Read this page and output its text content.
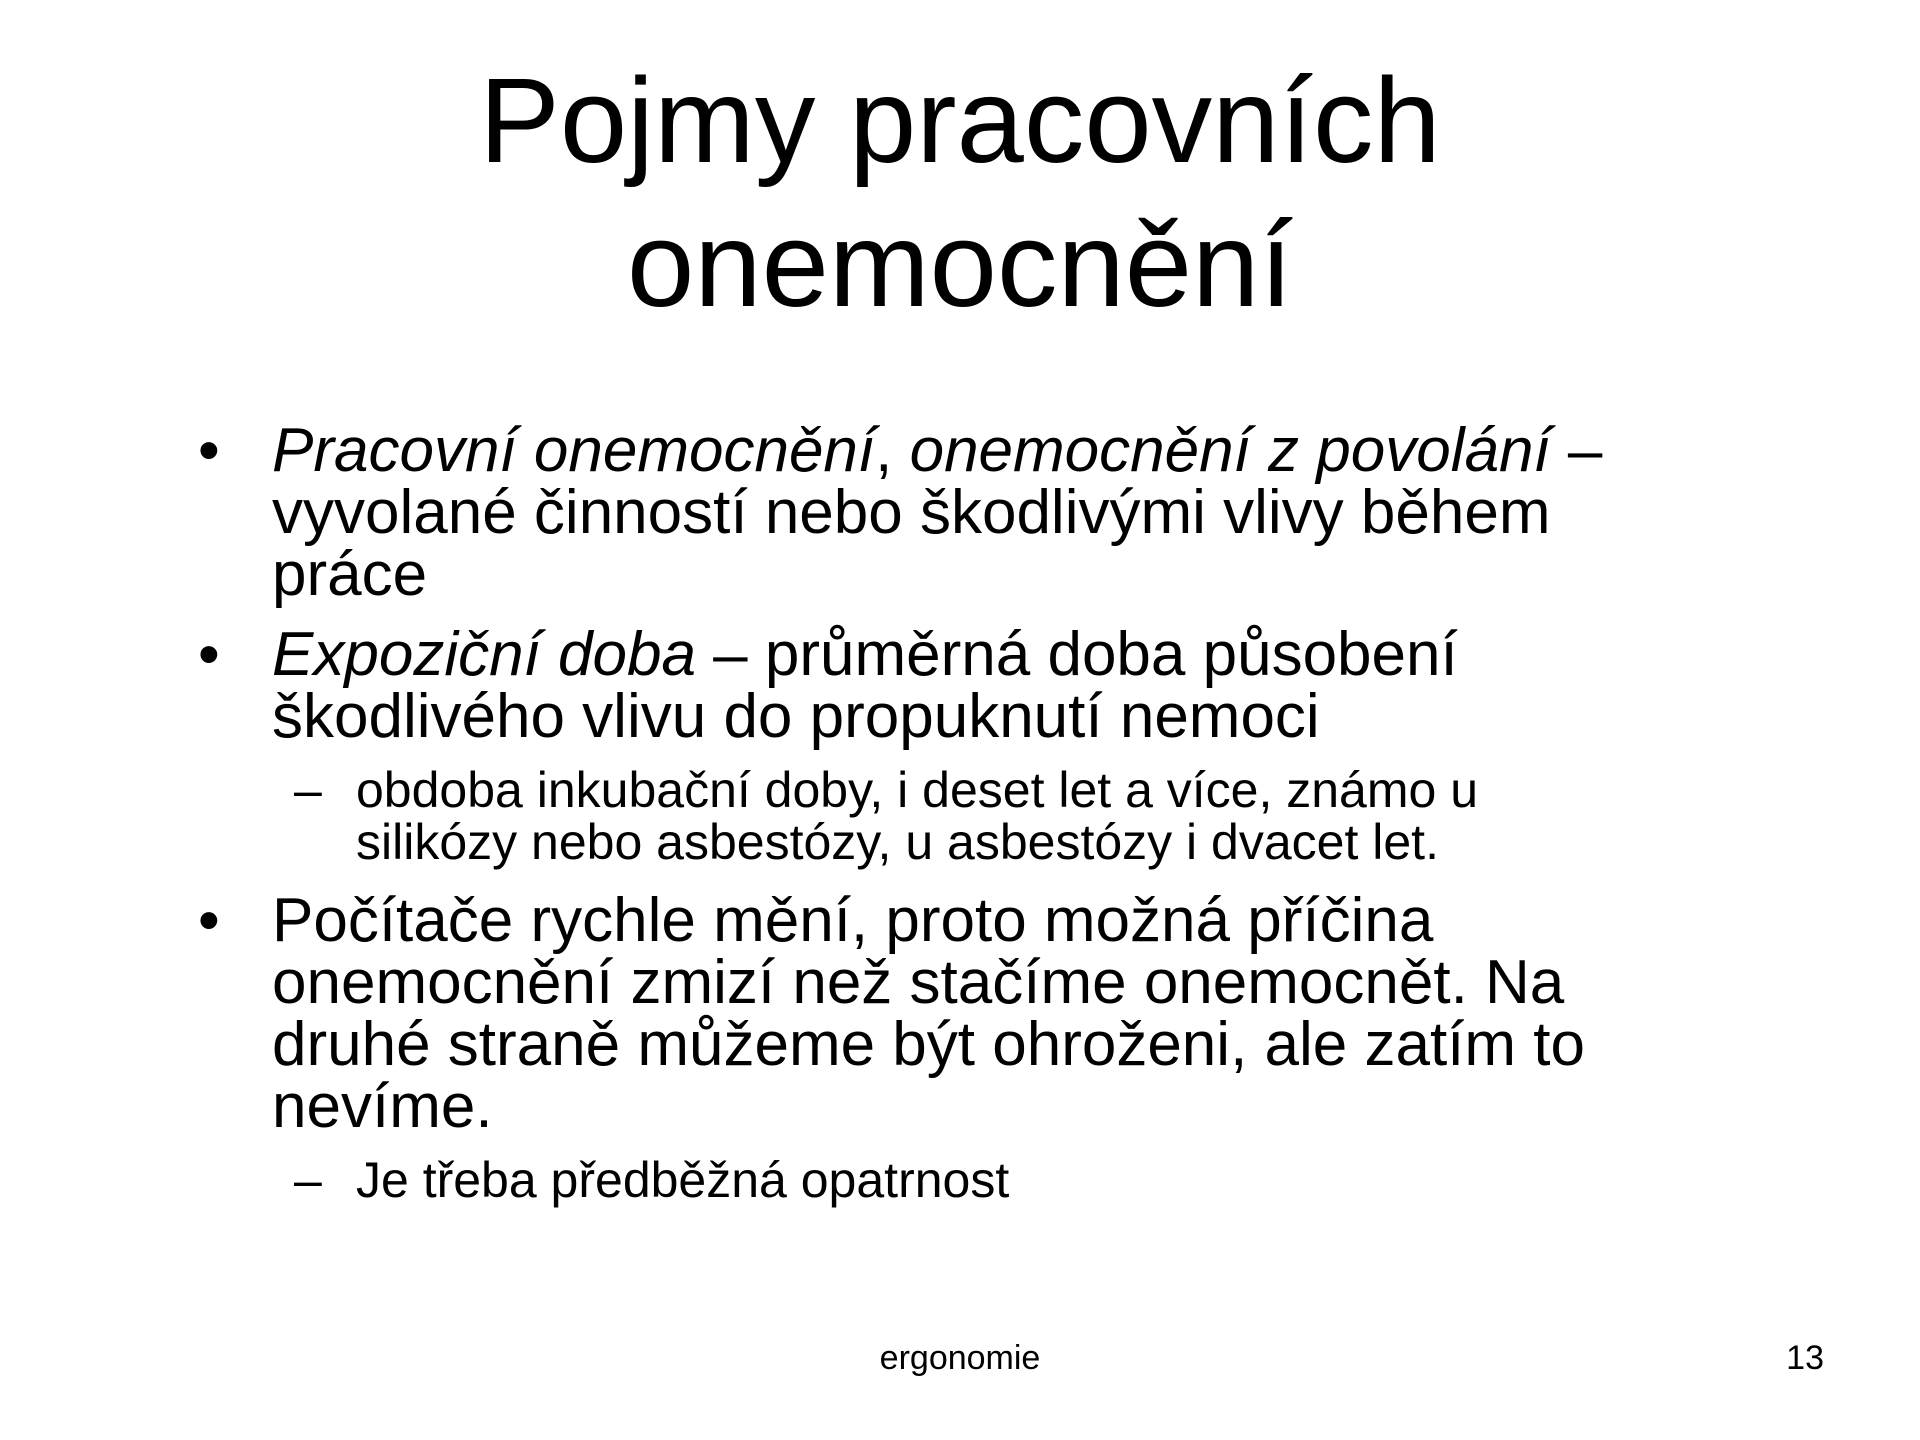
Pojmy pracovních
onemocnění
• Pracovní onemocnění, onemocnění z povolání –
vyvolané činností nebo škodlivými vlivy během
práce
• Expoziční doba – průměrná doba působení
škodlivého vlivu do propuknutí nemoci
– obdoba inkubační doby, i deset let a více, známo u
silikózy nebo asbestózy, u asbestózy i dvacet let.
• Počítače rychle mění, proto možná příčina
onemocnění zmizí než stačíme onemocnět. Na
druhé straně můžeme být ohroženi, ale zatím to
nevíme.
– Je třeba předběžná opatrnost
ergonomie	13
